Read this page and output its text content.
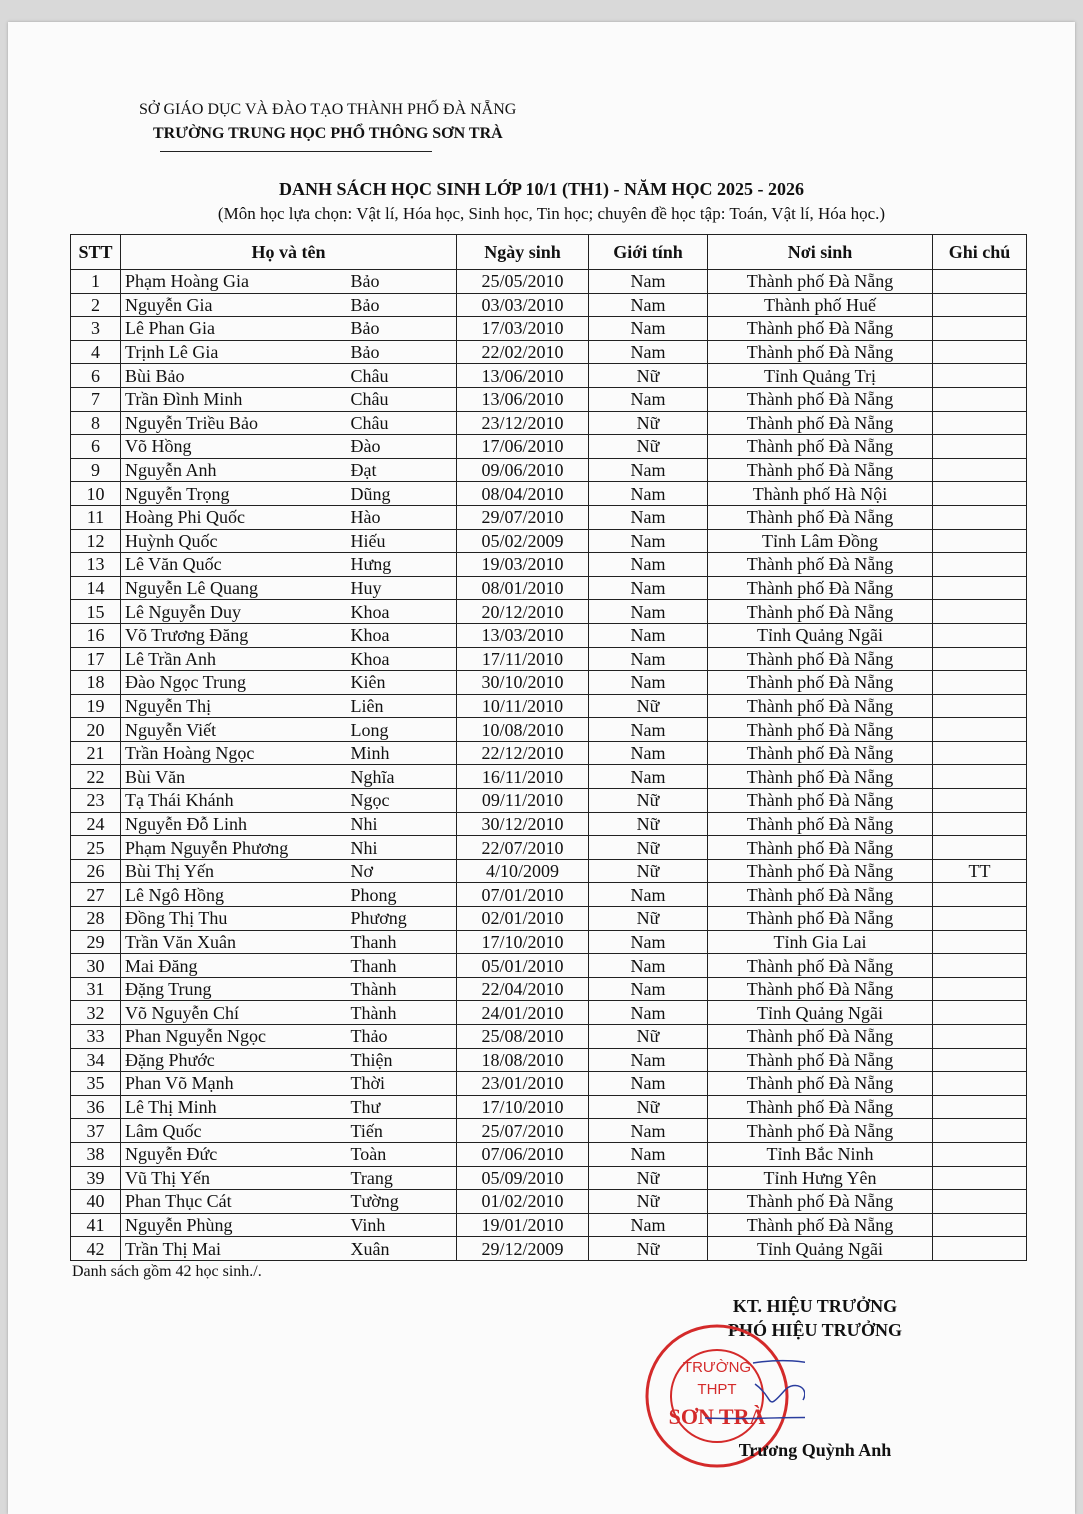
SỞ GIÁO DỤC VÀ ĐÀO TẠO THÀNH PHỐ ĐÀ NẴNG
TRƯỜNG TRUNG HỌC PHỔ THÔNG SƠN TRÀ
DANH SÁCH HỌC SINH LỚP 10/1 (TH1) - NĂM HỌC 2025 - 2026
(Môn học lựa chọn: Vật lí, Hóa học, Sinh học, Tin học; chuyên đề học tập: Toán, Vật lí, Hóa học.)
STT	Họ và tên		Ngày sinh	Giới tính	Nơi sinh	Ghi chú
1	Phạm Hoàng Gia	Bảo	25/05/2010	Nam	Thành phố Đà Nẵng	
2	Nguyễn Gia	Bảo	03/03/2010	Nam	Thành phố Huế	
3	Lê Phan Gia	Bảo	17/03/2010	Nam	Thành phố Đà Nẵng	
4	Trịnh Lê Gia	Bảo	22/02/2010	Nam	Thành phố Đà Nẵng	
6	Bùi Bảo	Châu	13/06/2010	Nữ	Tỉnh Quảng Trị	
7	Trần Đình Minh	Châu	13/06/2010	Nam	Thành phố Đà Nẵng	
8	Nguyễn Triều Bảo	Châu	23/12/2010	Nữ	Thành phố Đà Nẵng	
6	Võ Hồng	Đào	17/06/2010	Nữ	Thành phố Đà Nẵng	
9	Nguyễn Anh	Đạt	09/06/2010	Nam	Thành phố Đà Nẵng	
10	Nguyễn Trọng	Dũng	08/04/2010	Nam	Thành phố Hà Nội	
11	Hoàng Phi Quốc	Hào	29/07/2010	Nam	Thành phố Đà Nẵng	
12	Huỳnh Quốc	Hiếu	05/02/2009	Nam	Tỉnh Lâm Đồng	
13	Lê Văn Quốc	Hưng	19/03/2010	Nam	Thành phố Đà Nẵng	
14	Nguyễn Lê Quang	Huy	08/01/2010	Nam	Thành phố Đà Nẵng	
15	Lê Nguyễn Duy	Khoa	20/12/2010	Nam	Thành phố Đà Nẵng	
16	Võ Trương Đăng	Khoa	13/03/2010	Nam	Tỉnh Quảng Ngãi	
17	Lê Trần Anh	Khoa	17/11/2010	Nam	Thành phố Đà Nẵng	
18	Đào Ngọc Trung	Kiên	30/10/2010	Nam	Thành phố Đà Nẵng	
19	Nguyễn Thị	Liên	10/11/2010	Nữ	Thành phố Đà Nẵng	
20	Nguyễn Viết	Long	10/08/2010	Nam	Thành phố Đà Nẵng	
21	Trần Hoàng Ngọc	Minh	22/12/2010	Nam	Thành phố Đà Nẵng	
22	Bùi Văn	Nghĩa	16/11/2010	Nam	Thành phố Đà Nẵng	
23	Tạ Thái Khánh	Ngọc	09/11/2010	Nữ	Thành phố Đà Nẵng	
24	Nguyễn Đỗ Linh	Nhi	30/12/2010	Nữ	Thành phố Đà Nẵng	
25	Phạm Nguyễn Phương	Nhi	22/07/2010	Nữ	Thành phố Đà Nẵng	
26	Bùi Thị Yến	Nơ	4/10/2009	Nữ	Thành phố Đà Nẵng	TT
27	Lê Ngô Hồng	Phong	07/01/2010	Nam	Thành phố Đà Nẵng	
28	Đồng Thị Thu	Phương	02/01/2010	Nữ	Thành phố Đà Nẵng	
29	Trần Văn Xuân	Thanh	17/10/2010	Nam	Tỉnh Gia Lai	
30	Mai Đăng	Thanh	05/01/2010	Nam	Thành phố Đà Nẵng	
31	Đặng Trung	Thành	22/04/2010	Nam	Thành phố Đà Nẵng	
32	Võ Nguyễn Chí	Thành	24/01/2010	Nam	Tỉnh Quảng Ngãi	
33	Phan Nguyễn Ngọc	Thảo	25/08/2010	Nữ	Thành phố Đà Nẵng	
34	Đặng Phước	Thiện	18/08/2010	Nam	Thành phố Đà Nẵng	
35	Phan Võ Mạnh	Thời	23/01/2010	Nam	Thành phố Đà Nẵng	
36	Lê Thị Minh	Thư	17/10/2010	Nữ	Thành phố Đà Nẵng	
37	Lâm Quốc	Tiến	25/07/2010	Nam	Thành phố Đà Nẵng	
38	Nguyễn Đức	Toàn	07/06/2010	Nam	Tỉnh Bắc Ninh	
39	Vũ Thị Yến	Trang	05/09/2010	Nữ	Tỉnh Hưng Yên	
40	Phan Thục Cát	Tường	01/02/2010	Nữ	Thành phố Đà Nẵng	
41	Nguyễn Phùng	Vinh	19/01/2010	Nam	Thành phố Đà Nẵng	
42	Trần Thị Mai	Xuân	29/12/2009	Nữ	Tỉnh Quảng Ngãi	
Danh sách gồm 42 học sinh./.
KT. HIỆU TRƯỞNG
PHÓ HIỆU TRƯỞNG
TRƯỜNG
THPT
SƠN TRÀ
Trương Quỳnh Anh
